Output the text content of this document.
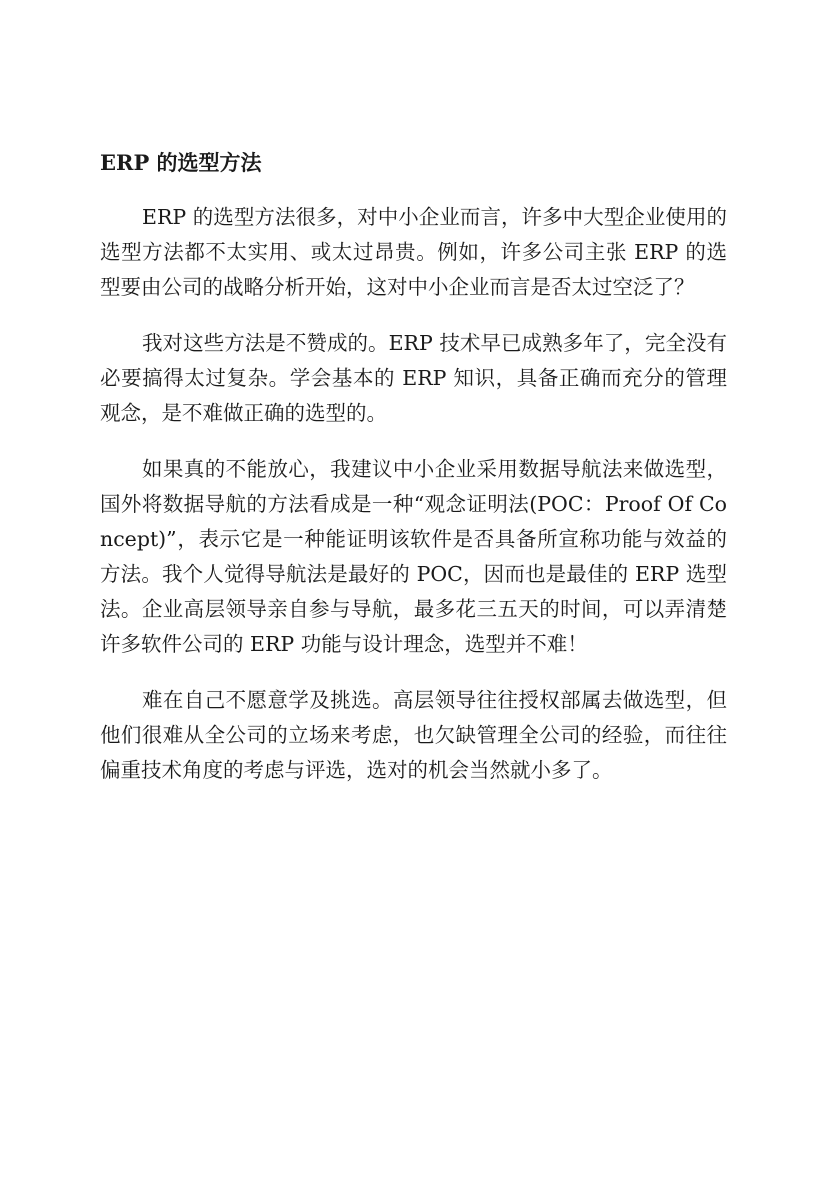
ERP 的选型方法

ERP 的选型方法很多，对中小企业而言，许多中大型企业使用的选型方法都不太实用、或太过昂贵。例如，许多公司主张 ERP 的选型要由公司的战略分析开始，这对中小企业而言是否太过空泛了？

我对这些方法是不赞成的。ERP 技术早已成熟多年了，完全没有必要搞得太过复杂。学会基本的 ERP 知识，具备正确而充分的管理观念，是不难做正确的选型的。

如果真的不能放心，我建议中小企业采用数据导航法来做选型，国外将数据导航的方法看成是一种“观念证明法(POC：Proof Of Concept)”，表示它是一种能证明该软件是否具备所宣称功能与效益的方法。我个人觉得导航法是最好的 POC，因而也是最佳的 ERP 选型法。企业高层领导亲自参与导航，最多花三五天的时间，可以弄清楚许多软件公司的 ERP 功能与设计理念，选型并不难！

难在自己不愿意学及挑选。高层领导往往授权部属去做选型，但他们很难从全公司的立场来考虑，也欠缺管理全公司的经验，而往往偏重技术角度的考虑与评选，选对的机会当然就小多了。
